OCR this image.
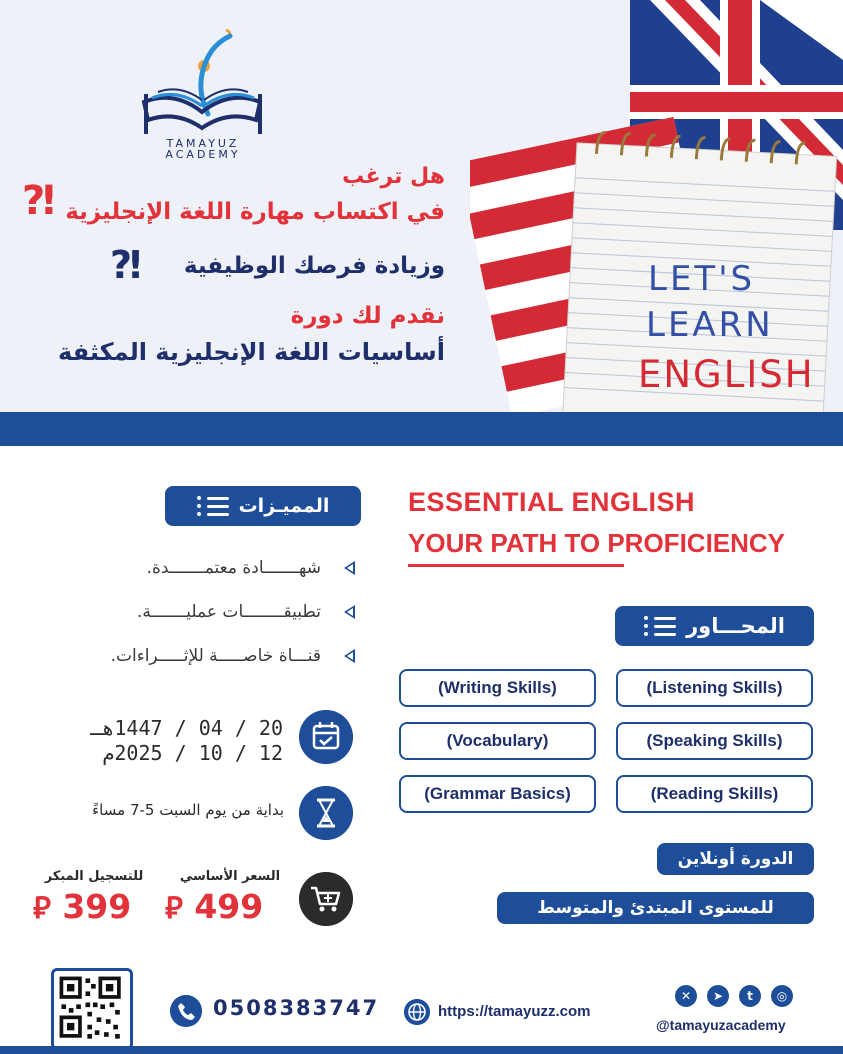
LET'S
LEARN
ENGLISH
TAMAYUZ ACADEMY
هل ترغب
في اكتساب مهارة اللغة الإنجليزية
وزيادة فرصك الوظيفية
نقدم لك دورة
أساسيات اللغة الإنجليزية المكثفة
⁈
⁈
المميـزات
شهـــــــادة معتمـــــــدة.
تطبيقــــــــات عمليـــــــة.
قنـــاة خاصـــــة للإثـــــراءات.
20 / 04 / 1447هـ
12 / 10 / 2025م
بداية من يوم السبت 5-7 مساءً
السعر الأساسي
للتسجيل المبكر
499 ⃁
399 ⃁
ESSENTIAL ENGLISH
YOUR PATH TO PROFICIENCY
المحـــاور
(Listening Skills)
(Writing Skills)
(Speaking Skills)
(Vocabulary)
(Reading Skills)
(Grammar Basics)
الدورة أونلاين
للمستوى المبتدئ والمتوسط
0508383747	https://tamayuzz.com
✕	➤	t	◎
@tamayuzacademy
